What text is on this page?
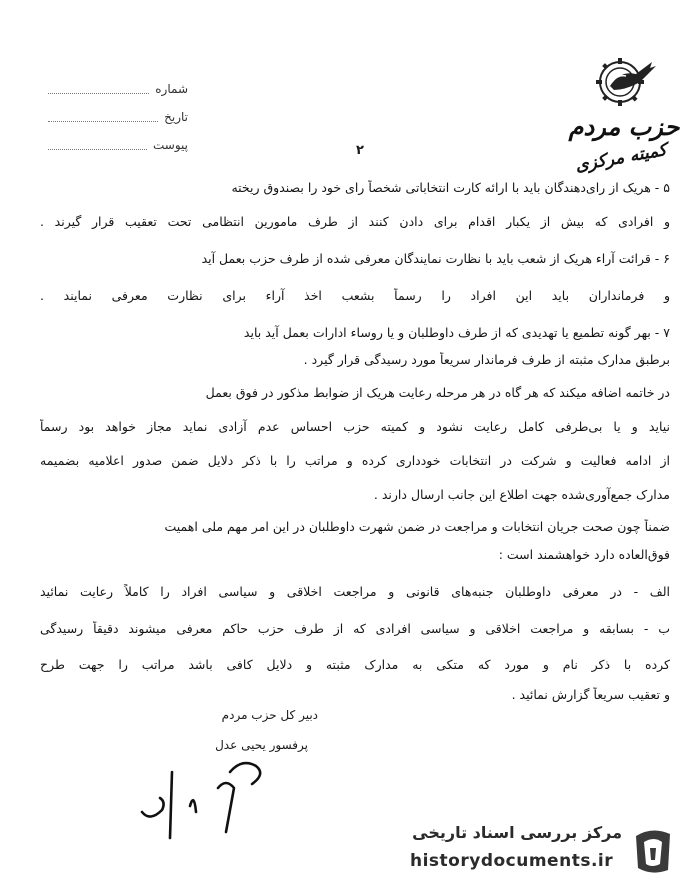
حزب مردم
کمیته مرکزی
شماره
تاریخ
پیوست	۲
۵ - هریک از رای‌دهندگان باید با ارائه کارت انتخاباتی شخصاً رای خود را بصندوق ریخته
و افرادی که بیش از یکبار اقدام برای دادن کنند از طرف مامورین انتظامی تحت تعقیب قرار گیرند .
۶ - قرائت آراء هریک از شعب باید با نظارت نمایندگان معرفی شده از طرف حزب بعمل آید
و فرمانداران باید این افراد را رسماً بشعب اخذ آراء برای نظارت معرفی نمایند .
۷ - بهر گونه تطمیع یا تهدیدی که از طرف داوطلبان و یا روساء ادارات بعمل آید باید
برطبق مدارک مثبته از طرف فرماندار سریعاً مورد رسیدگی قرار گیرد .
در خاتمه اضافه میکند که هر گاه در هر مرحله رعایت هریک از ضوابط مذکور در فوق بعمل
نیاید و یا بی‌طرفی کامل رعایت نشود و کمیته حزب احساس عدم آزادی نماید مجاز خواهد بود رسماً
از ادامه فعالیت و شرکت در انتخابات خودداری کرده و مراتب را با ذکر دلایل ضمن صدور اعلامیه بضمیمه
مدارک جمع‌آوری‌شده جهت اطلاع این جانب ارسال دارند .
ضمناً چون صحت جریان انتخابات و مراجعت در ضمن شهرت داوطلبان در این امر مهم ملی اهمیت
فوق‌العاده دارد خواهشمند است :
الف - در معرفی داوطلبان جنبه‌های قانونی و مراجعت اخلاقی و سیاسی افراد را کاملاً رعایت نمائید
ب - بسابقه و مراجعت اخلاقی و سیاسی افرادی که از طرف حزب حاکم معرفی میشوند دقیقاً رسیدگی
کرده با ذکر نام و مورد که متکی به مدارک مثبته و دلایل کافی باشد مراتب را جهت طرح
و تعقیب سریعاً گزارش نمائید .
دبیر کل حزب مردم
پرفسور یحیی عدل
مرکز بررسی اسناد تاریخی
historydocuments.ir
